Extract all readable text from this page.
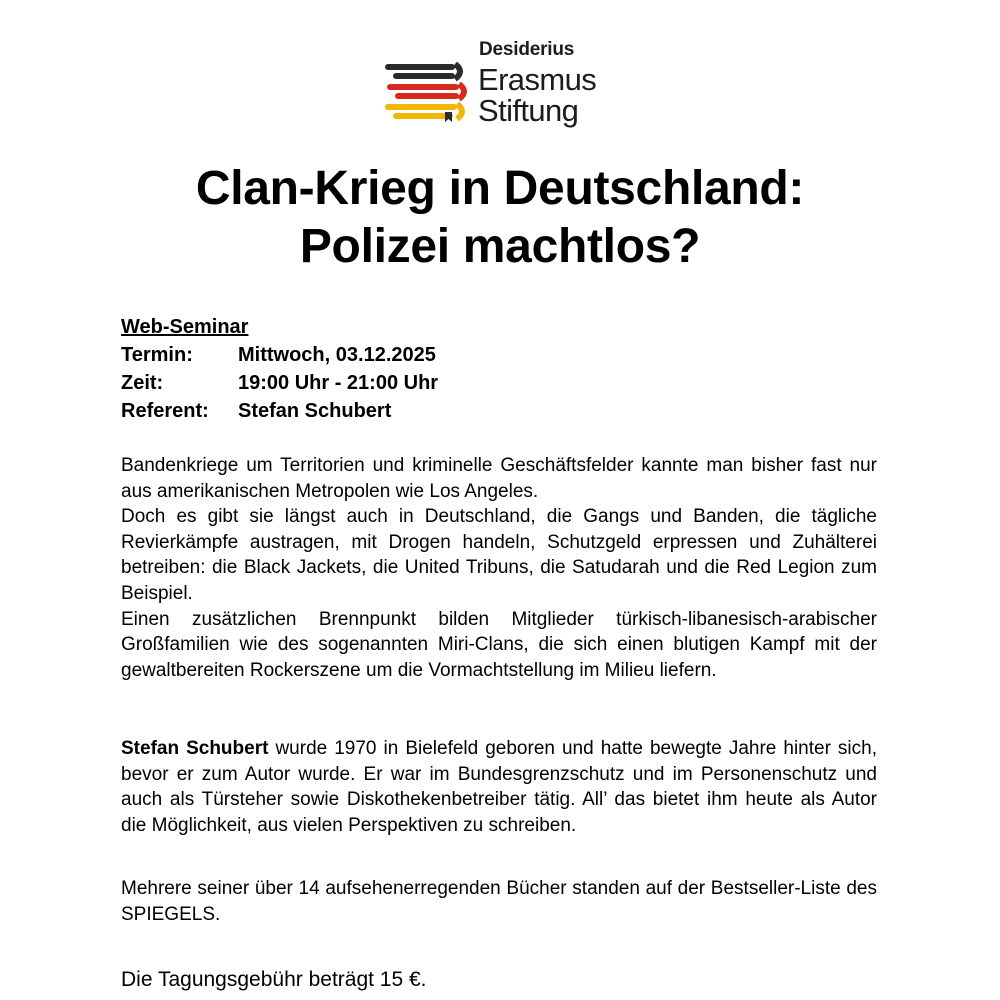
Desiderius
Erasmus
Stiftung
Clan-Krieg in Deutschland:
Polizei machtlos?
Web-Seminar
Termin:	Mittwoch, 03.12.2025
Zeit:	19:00 Uhr - 21:00 Uhr
Referent:	Stefan Schubert

Bandenkriege um Territorien und kriminelle Geschäftsfelder kannte man bisher fast nur aus amerikanischen Metropolen wie Los Angeles.

Doch es gibt sie längst auch in Deutschland, die Gangs und Banden, die tägliche Revierkämpfe austragen, mit Drogen handeln, Schutzgeld erpressen und Zuhälterei betreiben: die Black Jackets, die United Tribuns, die Satudarah und die Red Legion zum Beispiel.

Einen zusätzlichen Brennpunkt bilden Mitglieder türkisch-libanesisch-arabischer Großfamilien wie des sogenannten Miri-Clans, die sich einen blutigen Kampf mit der gewaltbereiten Rockerszene um die Vormachtstellung im Milieu liefern.

Stefan Schubert wurde 1970 in Bielefeld geboren und hatte bewegte Jahre hinter sich, bevor er zum Autor wurde. Er war im Bundesgrenzschutz und im Personenschutz und auch als Türsteher sowie Diskothekenbetreiber tätig. All’ das bietet ihm heute als Autor die Möglichkeit, aus vielen Perspektiven zu schreiben.

Mehrere seiner über 14 aufsehenerregenden Bücher standen auf der Bestseller-Liste des SPIEGELS.

Die Tagungsgebühr beträgt 15 €.
